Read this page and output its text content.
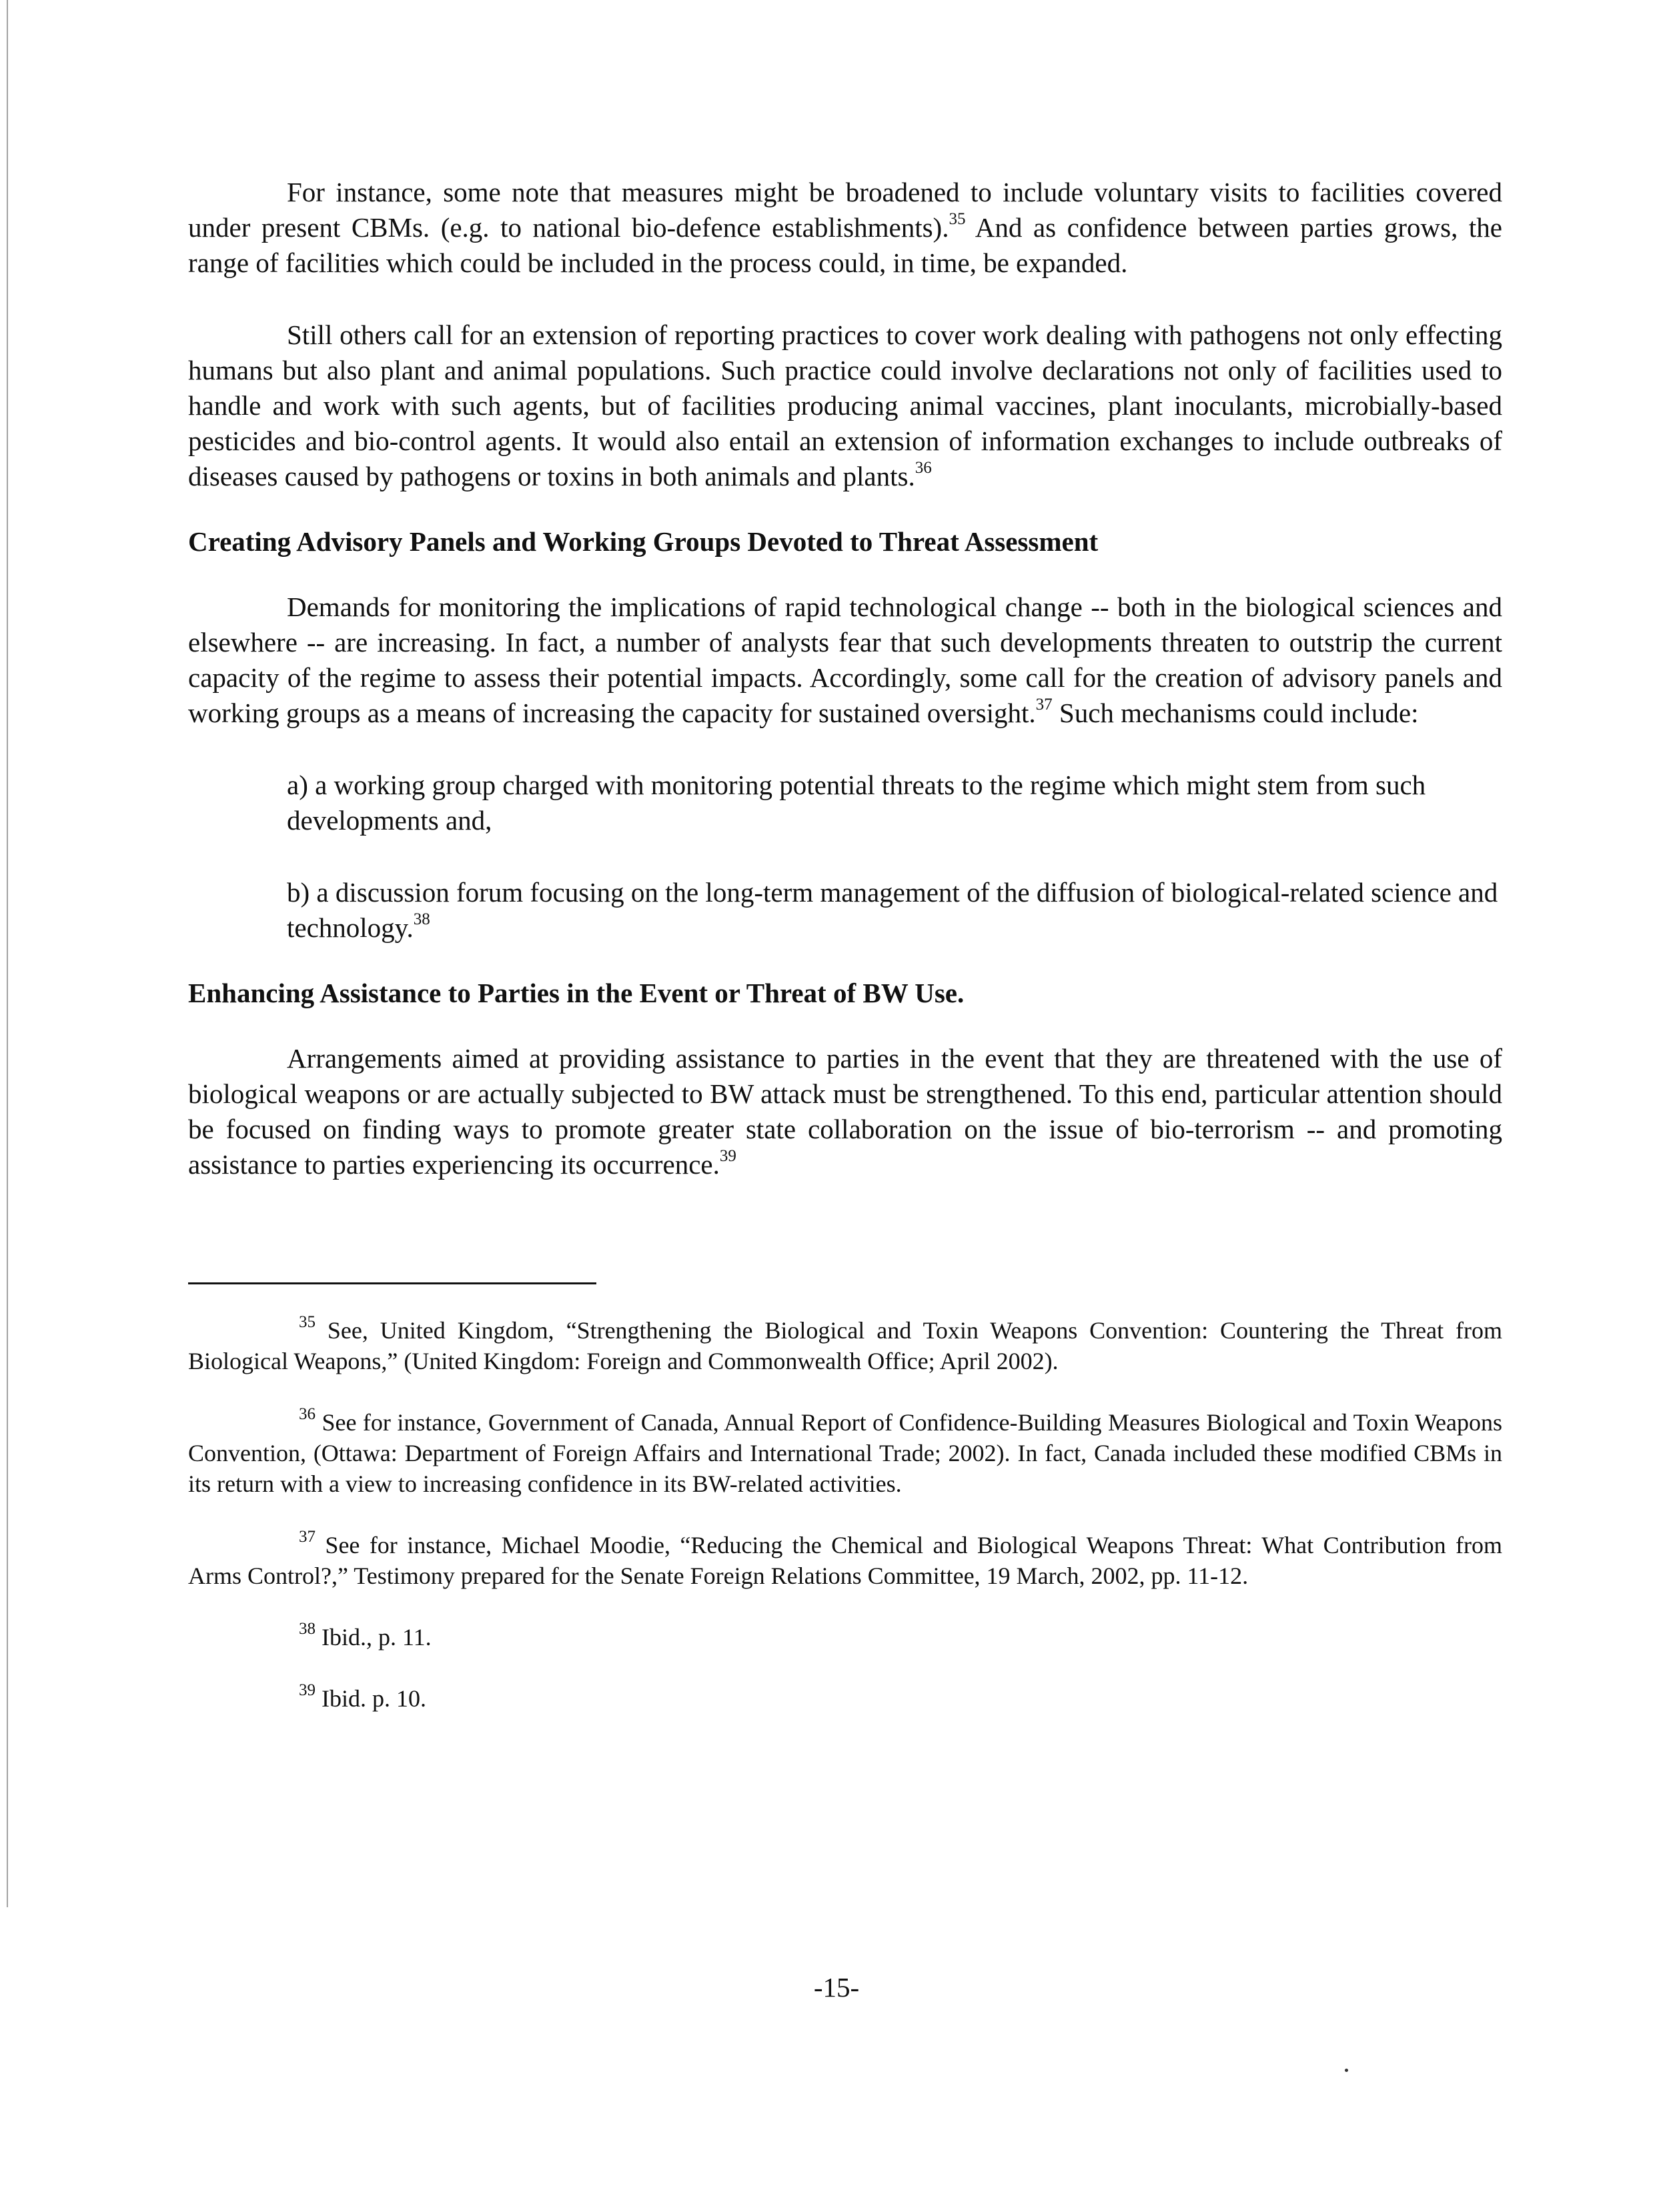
For instance, some note that measures might be broadened to include voluntary visits to facilities covered under present CBMs. (e.g. to national bio-defence establishments).$^{35}$ And as confidence between parties grows, the range of facilities which could be included in the process could, in time, be expanded.

Still others call for an extension of reporting practices to cover work dealing with pathogens not only effecting humans but also plant and animal populations. Such practice could involve declarations not only of facilities used to handle and work with such agents, but of facilities producing animal vaccines, plant inoculants, microbially-based pesticides and bio-control agents. It would also entail an extension of information exchanges to include outbreaks of diseases caused by pathogens or toxins in both animals and plants.$^{36}$

Creating Advisory Panels and Working Groups Devoted to Threat Assessment

Demands for monitoring the implications of rapid technological change -- both in the biological sciences and elsewhere -- are increasing. In fact, a number of analysts fear that such developments threaten to outstrip the current capacity of the regime to assess their potential impacts. Accordingly, some call for the creation of advisory panels and working groups as a means of increasing the capacity for sustained oversight.$^{37}$ Such mechanisms could include:

a) a working group charged with monitoring potential threats to the regime which might stem from such developments and,

b) a discussion forum focusing on the long-term management of the diffusion of biological-related science and technology.$^{38}$

Enhancing Assistance to Parties in the Event or Threat of BW Use.

Arrangements aimed at providing assistance to parties in the event that they are threatened with the use of biological weapons or are actually subjected to BW attack must be strengthened. To this end, particular attention should be focused on finding ways to promote greater state collaboration on the issue of bio-terrorism -- and promoting assistance to parties experiencing its occurrence.$^{39}$

$^{35}$ See, United Kingdom, “Strengthening the Biological and Toxin Weapons Convention: Countering the Threat from Biological Weapons,” (United Kingdom: Foreign and Commonwealth Office; April 2002).

$^{36}$ See for instance, Government of Canada, Annual Report of Confidence-Building Measures Biological and Toxin Weapons Convention, (Ottawa: Department of Foreign Affairs and International Trade; 2002). In fact, Canada included these modified CBMs in its return with a view to increasing confidence in its BW-related activities.

$^{37}$ See for instance, Michael Moodie, “Reducing the Chemical and Biological Weapons Threat: What Contribution from Arms Control?,” Testimony prepared for the Senate Foreign Relations Committee, 19 March, 2002, pp. 11-12.

$^{38}$ Ibid., p. 11.

$^{39}$ Ibid. p. 10.

-15-
